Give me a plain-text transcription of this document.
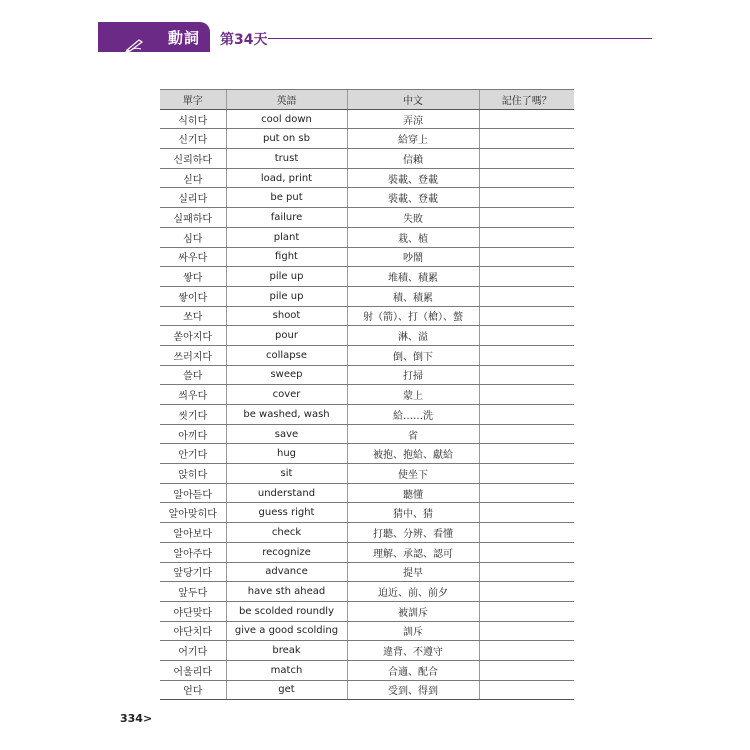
動詞 第34天
單字	英語	中文	記住了嗎？
식히다	cool down	弄涼	
신기다	put on sb	給穿上	
신뢰하다	trust	信賴	
싣다	load, print	裝載、登載	
실리다	be put	裝載、登載	
실패하다	failure	失敗	
심다	plant	栽、植	
싸우다	fight	吵鬧	
쌓다	pile up	堆積、積累	
쌓이다	pile up	積、積累	
쏘다	shoot	射（箭）、打（槍）、螫	
쏟아지다	pour	淋、溢	
쓰러지다	collapse	倒、倒下	
쓸다	sweep	打掃	
씌우다	cover	蒙上	
씻기다	be washed, wash	給……洗	
아끼다	save	省	
안기다	hug	被抱、抱給、獻給	
앉히다	sit	使坐下	
알아듣다	understand	聽懂	
알아맞히다	guess right	猜中、猜	
알아보다	check	打聽、分辨、看懂	
알아주다	recognize	理解、承認、認可	
앞당기다	advance	提早	
앞두다	have sth ahead	迫近、前、前夕	
야단맞다	be scolded roundly	被訓斥	
야단치다	give a good scolding	訓斥	
어기다	break	違背、不遵守	
어울리다	match	合適、配合	
얻다	get	受到、得到	
334>
